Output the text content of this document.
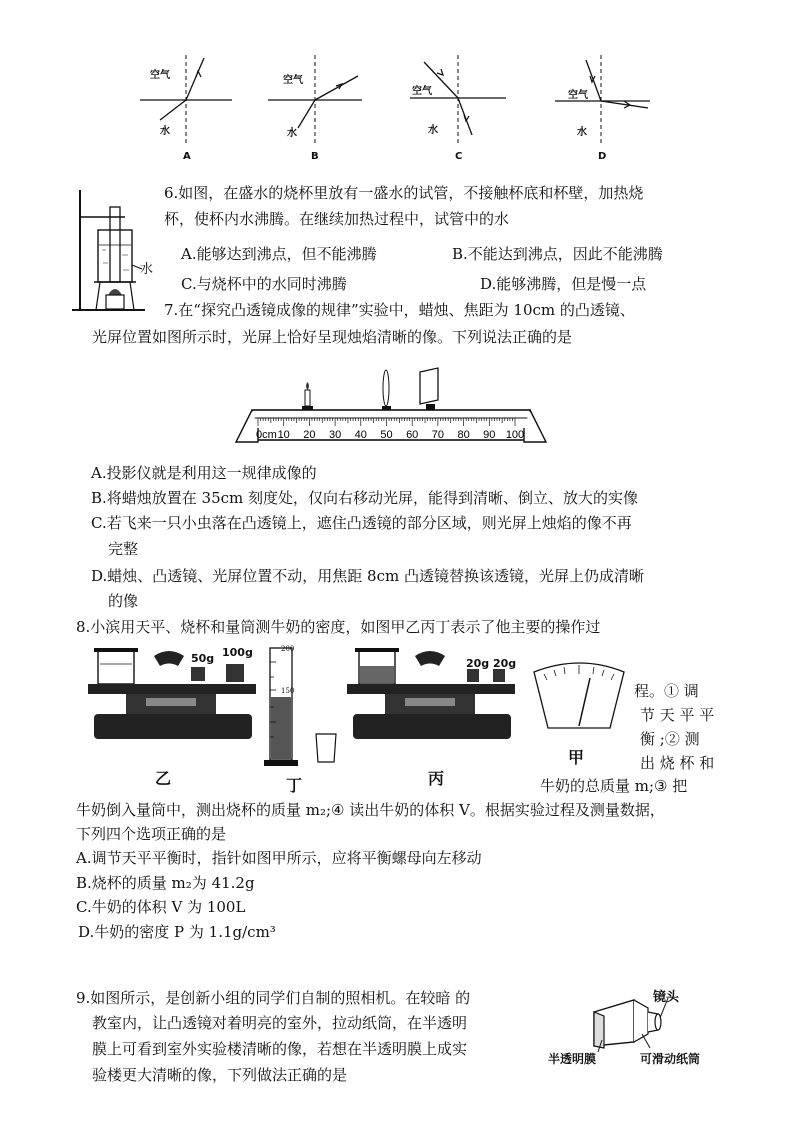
空气
水
A
空气
水
B
空气
水
C
空气
水
D
水
6.如图，在盛水的烧杯里放有一盛水的试管，不接触杯底和杯壁，加热烧
杯，使杯内水沸腾。在继续加热过程中，试管中的水
A.能够达到沸点，但不能沸腾	B.不能达到沸点，因此不能沸腾
C.与烧杯中的水同时沸腾	D.能够沸腾，但是慢一点
7.在“探究凸透镜成像的规律”实验中，蜡烛、焦距为 10cm 的凸透镜、
光屏位置如图所示时，光屏上恰好呈现烛焰清晰的像。下列说法正确的是
0cm 10 20 30 40 50 60 70 80 90 100
A.投影仪就是利用这一规律成像的
B.将蜡烛放置在 35cm 刻度处，仅向右移动光屏，能得到清晰、倒立、放大的实像
C.若飞来一只小虫落在凸透镜上，遮住凸透镜的部分区域，则光屏上烛焰的像不再
完整
D.蜡烛、凸透镜、光屏位置不动，用焦距 8cm 凸透镜替换该透镜，光屏上仍成清晰
的像
8.小滨用天平、烧杯和量筒测牛奶的密度，如图甲乙丙丁表示了他主要的操作过
50g 100g
乙
200
150
丁
20g 20g
丙
甲
程。① 调
节 天 平 平
衡 ;② 测
出 烧 杯 和
牛奶的总质量 m;③ 把
牛奶倒入量筒中，测出烧杯的质量 m₂;④ 读出牛奶的体积 V。根据实验过程及测量数据，
下列四个选项正确的是
A.调节天平平衡时，指针如图甲所示，应将平衡螺母向左移动
B.烧杯的质量 m₂为 41.2g
C.牛奶的体积 V 为 100L
D.牛奶的密度 P 为 1.1g/cm³
9.如图所示，是创新小组的同学们自制的照相机。在较暗 的
教室内，让凸透镜对着明亮的室外，拉动纸筒，在半透明
膜上可看到室外实验楼清晰的像，若想在半透明膜上成实
验楼更大清晰的像，下列做法正确的是
镜头
半透明膜	可滑动纸筒
